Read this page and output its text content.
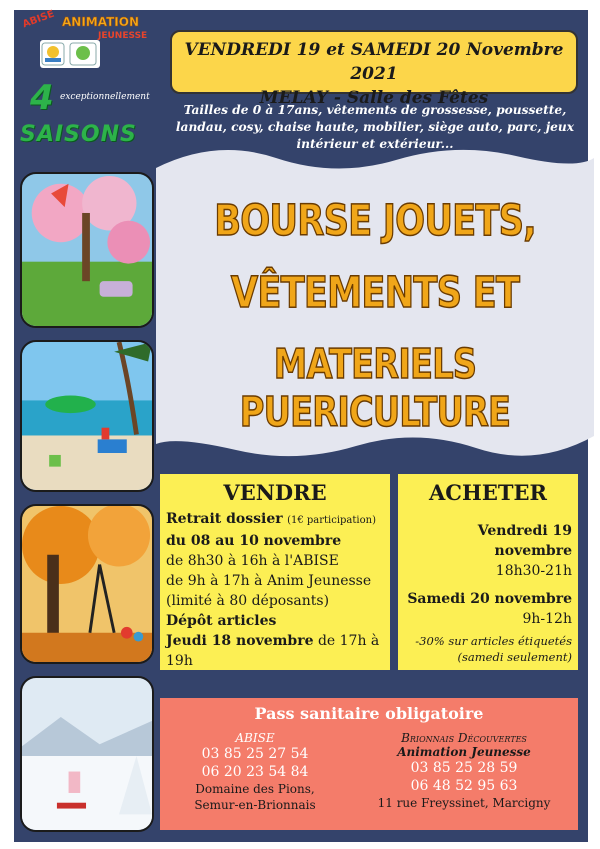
ABISE ANIMATION
JEUNESSE
VENDREDI 19 et SAMEDI 20 Novembre 2021
MELAY - Salle des Fêtes
4 exceptionnellement
SAISONS
Tailles de 0 à 17ans, vêtements de grossesse, poussette, landau, cosy, chaise haute, mobilier, siège auto, parc, jeux intérieur et extérieur...
BOURSE JOUETS,
VÊTEMENTS ET
MATERIELS PUERICULTURE
VENDRE
Retrait dossier (1€ participation)
du 08 au 10 novembre
de 8h30 à 16h à l'ABISE
de 9h à 17h à Anim Jeunesse
(limité à 80 déposants)
Dépôt articles
Jeudi 18 novembre de 17h à 19h
ACHETER
Vendredi 19 novembre
18h30-21h
Samedi 20 novembre
9h-12h
-30% sur articles étiquetés
(samedi seulement)
Pass sanitaire obligatoire
ABISE
03 85 25 27 54
06 20 23 54 84
Domaine des Pions,
Semur-en-Brionnais
Brionnais Découvertes
Animation Jeunesse
03 85 25 28 59
06 48 52 95 63
11 rue Freyssinet, Marcigny
